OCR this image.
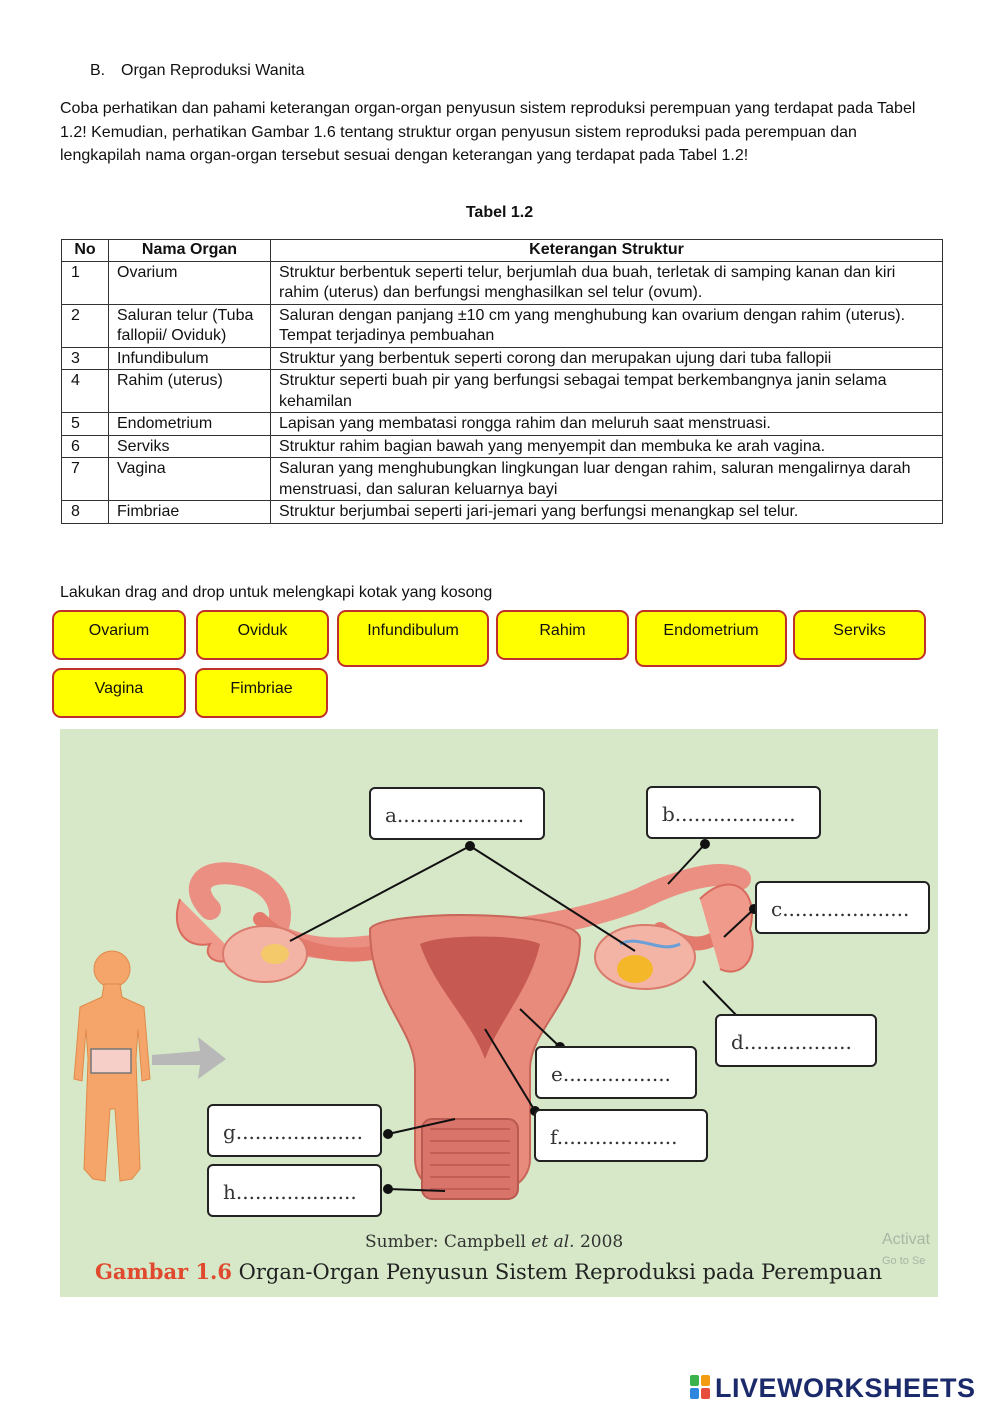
B. Organ Reproduksi Wanita
Coba perhatikan dan pahami keterangan organ-organ penyusun sistem reproduksi perempuan yang terdapat pada Tabel 1.2! Kemudian, perhatikan Gambar 1.6 tentang struktur organ penyusun sistem reproduksi pada perempuan dan lengkapilah nama organ-organ tersebut sesuai dengan keterangan yang terdapat pada Tabel 1.2!
Tabel 1.2
No	Nama Organ	Keterangan Struktur
1	Ovarium	Struktur berbentuk seperti telur, berjumlah dua buah, terletak di samping kanan dan kiri rahim (uterus) dan berfungsi menghasilkan sel telur (ovum).
2	Saluran telur (Tuba fallopii/ Oviduk)	Saluran dengan panjang ±10 cm yang menghubung kan ovarium dengan rahim (uterus). Tempat terjadinya pembuahan
3	Infundibulum	Struktur yang berbentuk seperti corong dan merupakan ujung dari tuba fallopii
4	Rahim (uterus)	Struktur seperti buah pir yang berfungsi sebagai tempat berkembangnya janin selama kehamilan
5	Endometrium	Lapisan yang membatasi rongga rahim dan meluruh saat menstruasi.
6	Serviks	Struktur rahim bagian bawah yang menyempit dan membuka ke arah vagina.
7	Vagina	Saluran yang menghubungkan lingkungan luar dengan rahim, saluran mengalirnya darah menstruasi, dan saluran keluarnya bayi
8	Fimbriae	Struktur berjumbai seperti jari-jemari yang berfungsi menangkap sel telur.
Lakukan drag and drop untuk melengkapi kotak yang kosong
Ovarium	Oviduk	Infundibulum	Rahim	Endometrium	Serviks
Vagina	Fimbriae
a....................	b...................
c....................
d.................
e.................
f...................
g....................
h...................
Sumber: Campbell et al. 2008
Gambar 1.6 Organ-Organ Penyusun Sistem Reproduksi pada Perempuan
Activat
Go to Se
LIVEWORKSHEETS
